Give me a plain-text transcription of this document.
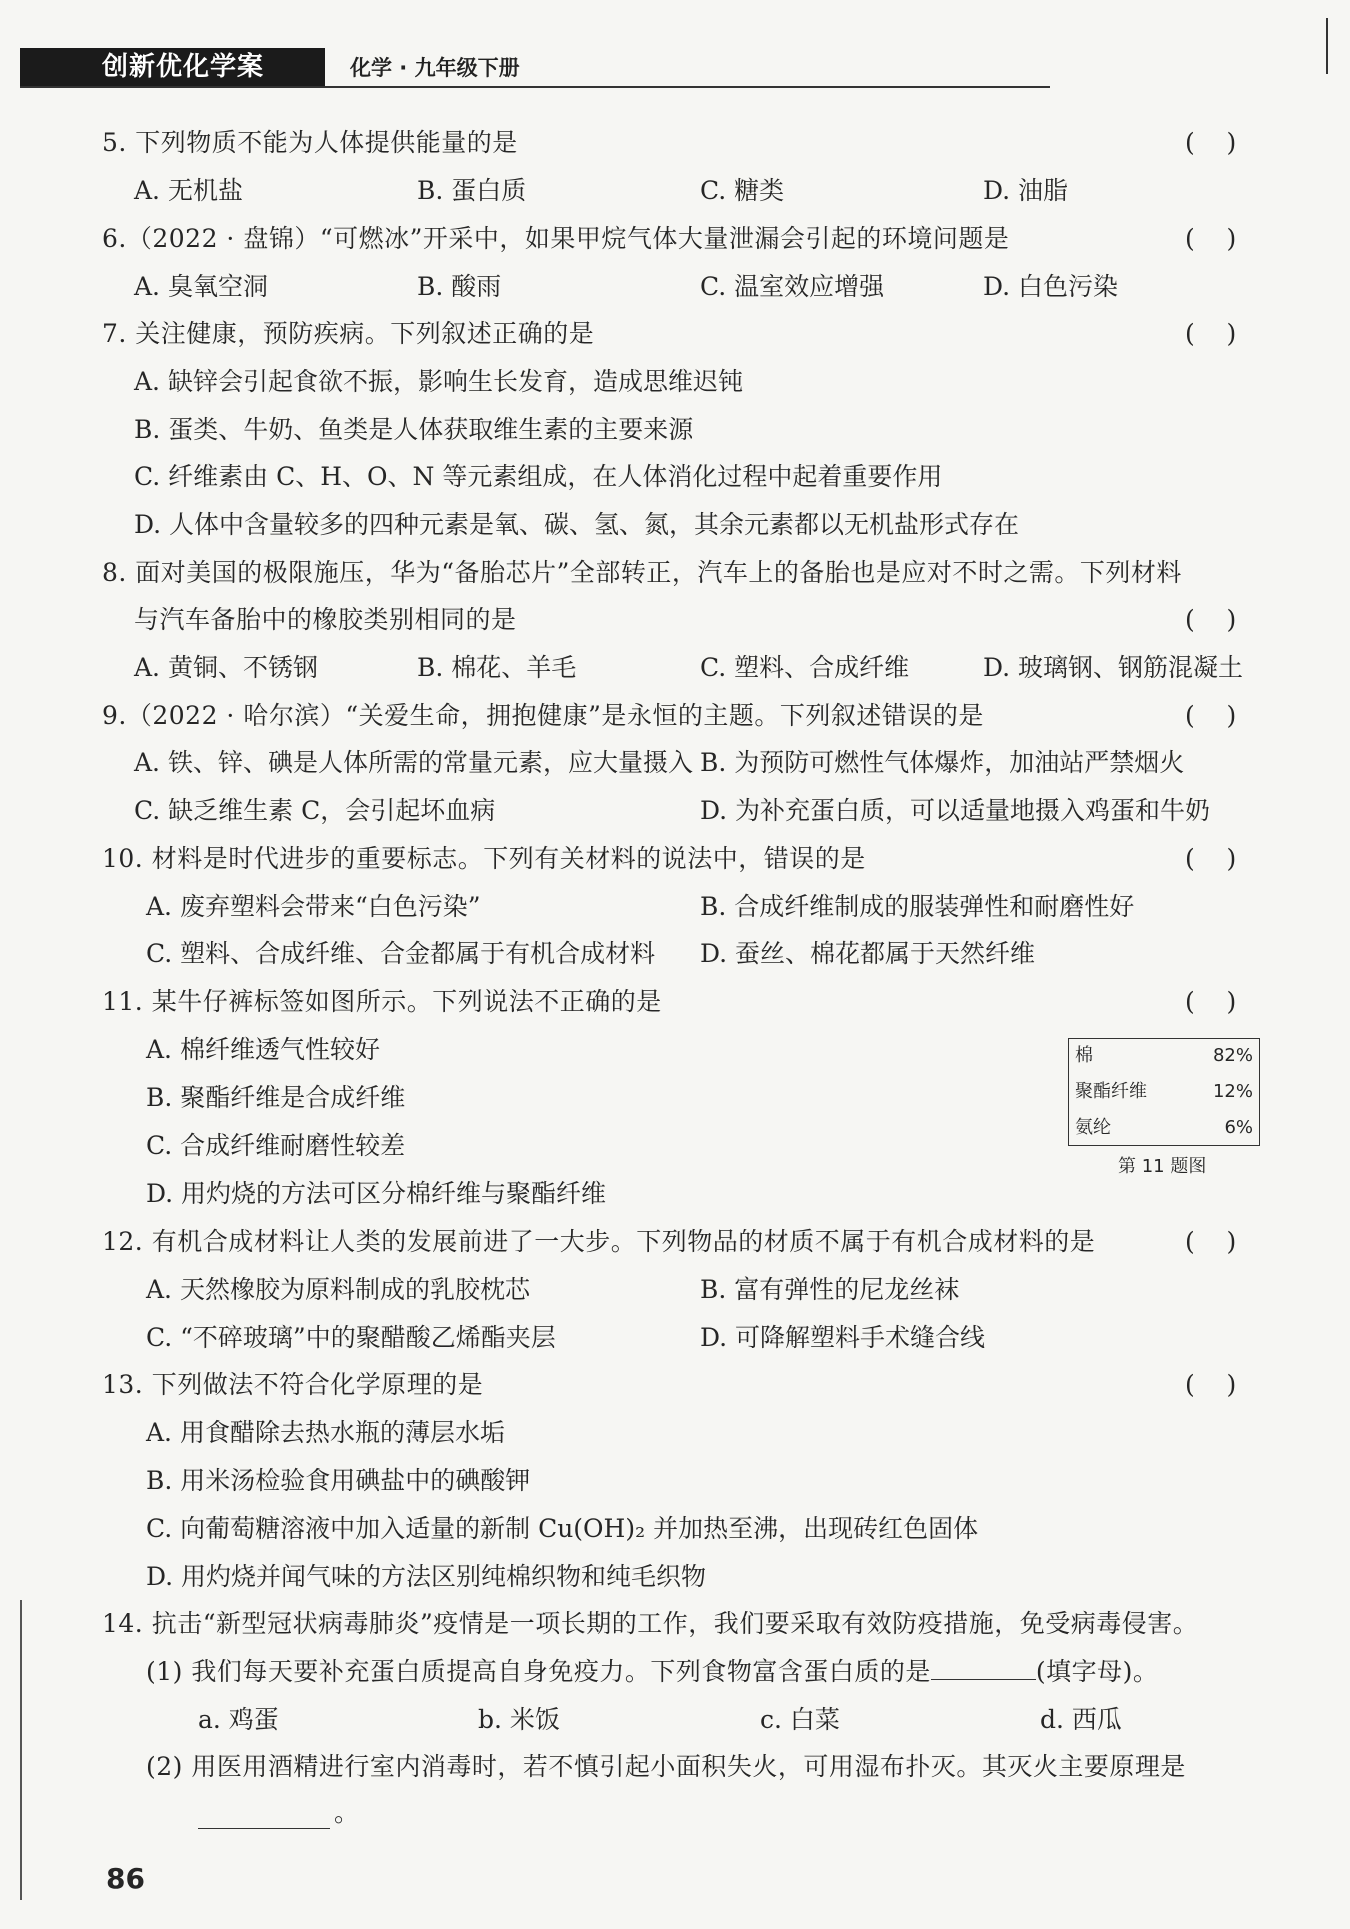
创新优化学案	化学 · 九年级下册
5. 下列物质不能为人体提供能量的是	(    )
A. 无机盐	B. 蛋白质	C. 糖类	D. 油脂
6.（2022 · 盘锦）“可燃冰”开采中，如果甲烷气体大量泄漏会引起的环境问题是	(    )
A. 臭氧空洞	B. 酸雨	C. 温室效应增强	D. 白色污染
7. 关注健康，预防疾病。下列叙述正确的是	(    )
A. 缺锌会引起食欲不振，影响生长发育，造成思维迟钝
B. 蛋类、牛奶、鱼类是人体获取维生素的主要来源
C. 纤维素由 C、H、O、N 等元素组成，在人体消化过程中起着重要作用
D. 人体中含量较多的四种元素是氧、碳、氢、氮，其余元素都以无机盐形式存在
8. 面对美国的极限施压，华为“备胎芯片”全部转正，汽车上的备胎也是应对不时之需。下列材料
与汽车备胎中的橡胶类别相同的是	(    )
A. 黄铜、不锈钢	B. 棉花、羊毛	C. 塑料、合成纤维	D. 玻璃钢、钢筋混凝土
9.（2022 · 哈尔滨）“关爱生命，拥抱健康”是永恒的主题。下列叙述错误的是	(    )
A. 铁、锌、碘是人体所需的常量元素，应大量摄入 B. 为预防可燃性气体爆炸，加油站严禁烟火
C. 缺乏维生素 C，会引起坏血病	D. 为补充蛋白质，可以适量地摄入鸡蛋和牛奶
10. 材料是时代进步的重要标志。下列有关材料的说法中，错误的是	(    )
A. 废弃塑料会带来“白色污染”	B. 合成纤维制成的服装弹性和耐磨性好
C. 塑料、合成纤维、合金都属于有机合成材料 D. 蚕丝、棉花都属于天然纤维
11. 某牛仔裤标签如图所示。下列说法不正确的是	(    )
A. 棉纤维透气性较好
B. 聚酯纤维是合成纤维
C. 合成纤维耐磨性较差
D. 用灼烧的方法可区分棉纤维与聚酯纤维
棉	82%
聚酯纤维	12%
氨纶	6%
第 11 题图
12. 有机合成材料让人类的发展前进了一大步。下列物品的材质不属于有机合成材料的是	(    )
A. 天然橡胶为原料制成的乳胶枕芯	B. 富有弹性的尼龙丝袜
C. “不碎玻璃”中的聚醋酸乙烯酯夹层	D. 可降解塑料手术缝合线
13. 下列做法不符合化学原理的是	(    )
A. 用食醋除去热水瓶的薄层水垢
B. 用米汤检验食用碘盐中的碘酸钾
C. 向葡萄糖溶液中加入适量的新制 Cu(OH)₂ 并加热至沸，出现砖红色固体
D. 用灼烧并闻气味的方法区别纯棉织物和纯毛织物
14. 抗击“新型冠状病毒肺炎”疫情是一项长期的工作，我们要采取有效防疫措施，免受病毒侵害。
(1) 我们每天要补充蛋白质提高自身免疫力。下列食物富含蛋白质的是	(填字母)。
a. 鸡蛋	b. 米饭	c. 白菜	d. 西瓜
(2) 用医用酒精进行室内消毒时，若不慎引起小面积失火，可用湿布扑灭。其灭火主要原理是
。
86
